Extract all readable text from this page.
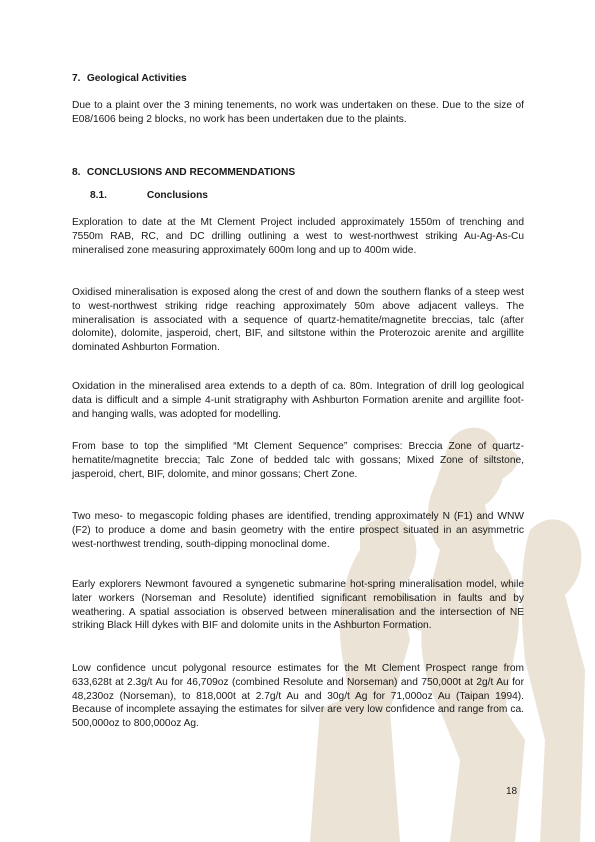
7. Geological Activities
Due to a plaint over the 3 mining tenements, no work was undertaken on these. Due to the size of E08/1606 being 2 blocks, no work has been undertaken due to the plaints.
8. CONCLUSIONS AND RECOMMENDATIONS
8.1.	Conclusions
Exploration to date at the Mt Clement Project included approximately 1550m of trenching and 7550m RAB, RC, and DC drilling outlining a west to west-northwest striking Au-Ag-As-Cu mineralised zone measuring approximately 600m long and up to 400m wide.
Oxidised mineralisation is exposed along the crest of and down the southern flanks of a steep west to west-northwest striking ridge reaching approximately 50m above adjacent valleys. The mineralisation is associated with a sequence of quartz-hematite/magnetite breccias, talc (after dolomite), dolomite, jasperoid, chert, BIF, and siltstone within the Proterozoic arenite and argillite dominated Ashburton Formation.
Oxidation in the mineralised area extends to a depth of ca. 80m. Integration of drill log geological data is difficult and a simple 4-unit stratigraphy with Ashburton Formation arenite and argillite foot- and hanging walls, was adopted for modelling.
From base to top the simplified “Mt Clement Sequence” comprises: Breccia Zone of quartz-hematite/magnetite breccia; Talc Zone of bedded talc with gossans; Mixed Zone of siltstone, jasperoid, chert, BIF, dolomite, and minor gossans; Chert Zone.
Two meso- to megascopic folding phases are identified, trending approximately N (F1) and WNW (F2) to produce a dome and basin geometry with the entire prospect situated in an asymmetric west-northwest trending, south-dipping monoclinal dome.
Early explorers Newmont favoured a syngenetic submarine hot-spring mineralisation model, while later workers (Norseman and Resolute) identified significant remobilisation in faults and by weathering. A spatial association is observed between mineralisation and the intersection of NE striking Black Hill dykes with BIF and dolomite units in the Ashburton Formation.
Low confidence uncut polygonal resource estimates for the Mt Clement Prospect range from 633,628t at 2.3g/t Au for 46,709oz (combined Resolute and Norseman) and 750,000t at 2g/t Au for 48,230oz (Norseman), to 818,000t at 2.7g/t Au and 30g/t Ag for 71,000oz Au (Taipan 1994). Because of incomplete assaying the estimates for silver are very low confidence and range from ca. 500,000oz to 800,000oz Ag.
18
